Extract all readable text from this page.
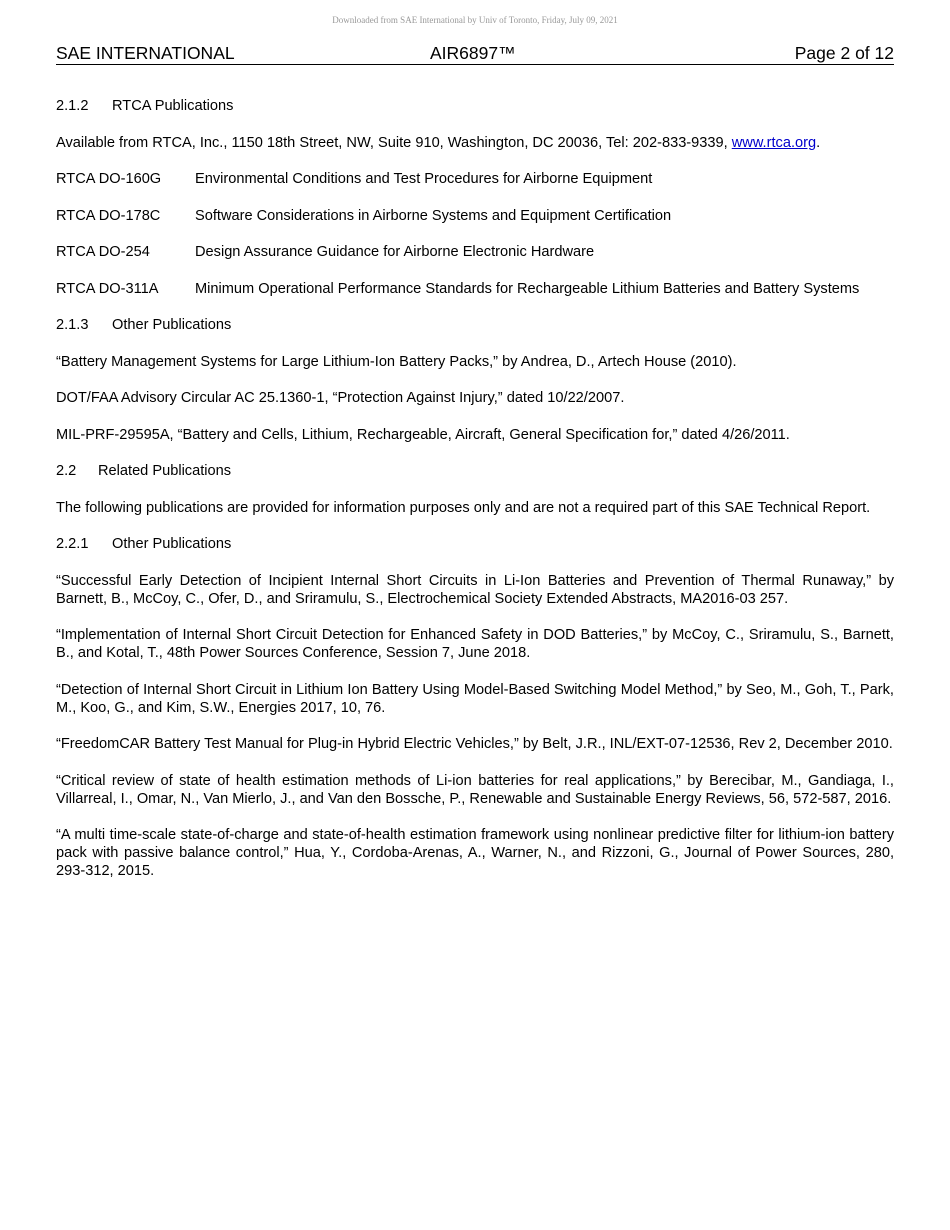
Downloaded from SAE International by Univ of Toronto, Friday, July 09, 2021
SAE INTERNATIONAL	AIR6897™	Page 2 of 12
2.1.2 RTCA Publications
Available from RTCA, Inc., 1150 18th Street, NW, Suite 910, Washington, DC 20036, Tel: 202-833-9339, www.rtca.org.
RTCA DO-160G	Environmental Conditions and Test Procedures for Airborne Equipment
RTCA DO-178C	Software Considerations in Airborne Systems and Equipment Certification
RTCA DO-254	Design Assurance Guidance for Airborne Electronic Hardware
RTCA DO-311A	Minimum Operational Performance Standards for Rechargeable Lithium Batteries and Battery Systems
2.1.3 Other Publications
“Battery Management Systems for Large Lithium-Ion Battery Packs,” by Andrea, D., Artech House (2010).
DOT/FAA Advisory Circular AC 25.1360-1, “Protection Against Injury,” dated 10/22/2007.
MIL-PRF-29595A, “Battery and Cells, Lithium, Rechargeable, Aircraft, General Specification for,” dated 4/26/2011.
2.2 Related Publications
The following publications are provided for information purposes only and are not a required part of this SAE Technical Report.
2.2.1 Other Publications
“Successful Early Detection of Incipient Internal Short Circuits in Li-Ion Batteries and Prevention of Thermal Runaway,” by Barnett, B., McCoy, C., Ofer, D., and Sriramulu, S., Electrochemical Society Extended Abstracts, MA2016-03 257.
“Implementation of Internal Short Circuit Detection for Enhanced Safety in DOD Batteries,” by McCoy, C., Sriramulu, S., Barnett, B., and Kotal, T., 48th Power Sources Conference, Session 7, June 2018.
“Detection of Internal Short Circuit in Lithium Ion Battery Using Model-Based Switching Model Method,” by Seo, M., Goh, T., Park, M., Koo, G., and Kim, S.W., Energies 2017, 10, 76.
“FreedomCAR Battery Test Manual for Plug-in Hybrid Electric Vehicles,” by Belt, J.R., INL/EXT-07-12536, Rev 2, December 2010.
“Critical review of state of health estimation methods of Li-ion batteries for real applications,” by Berecibar, M., Gandiaga, I., Villarreal, I., Omar, N., Van Mierlo, J., and Van den Bossche, P., Renewable and Sustainable Energy Reviews, 56, 572-587, 2016.
“A multi time-scale state-of-charge and state-of-health estimation framework using nonlinear predictive filter for lithium-ion battery pack with passive balance control,” Hua, Y., Cordoba-Arenas, A., Warner, N., and Rizzoni, G., Journal of Power Sources, 280, 293-312, 2015.
